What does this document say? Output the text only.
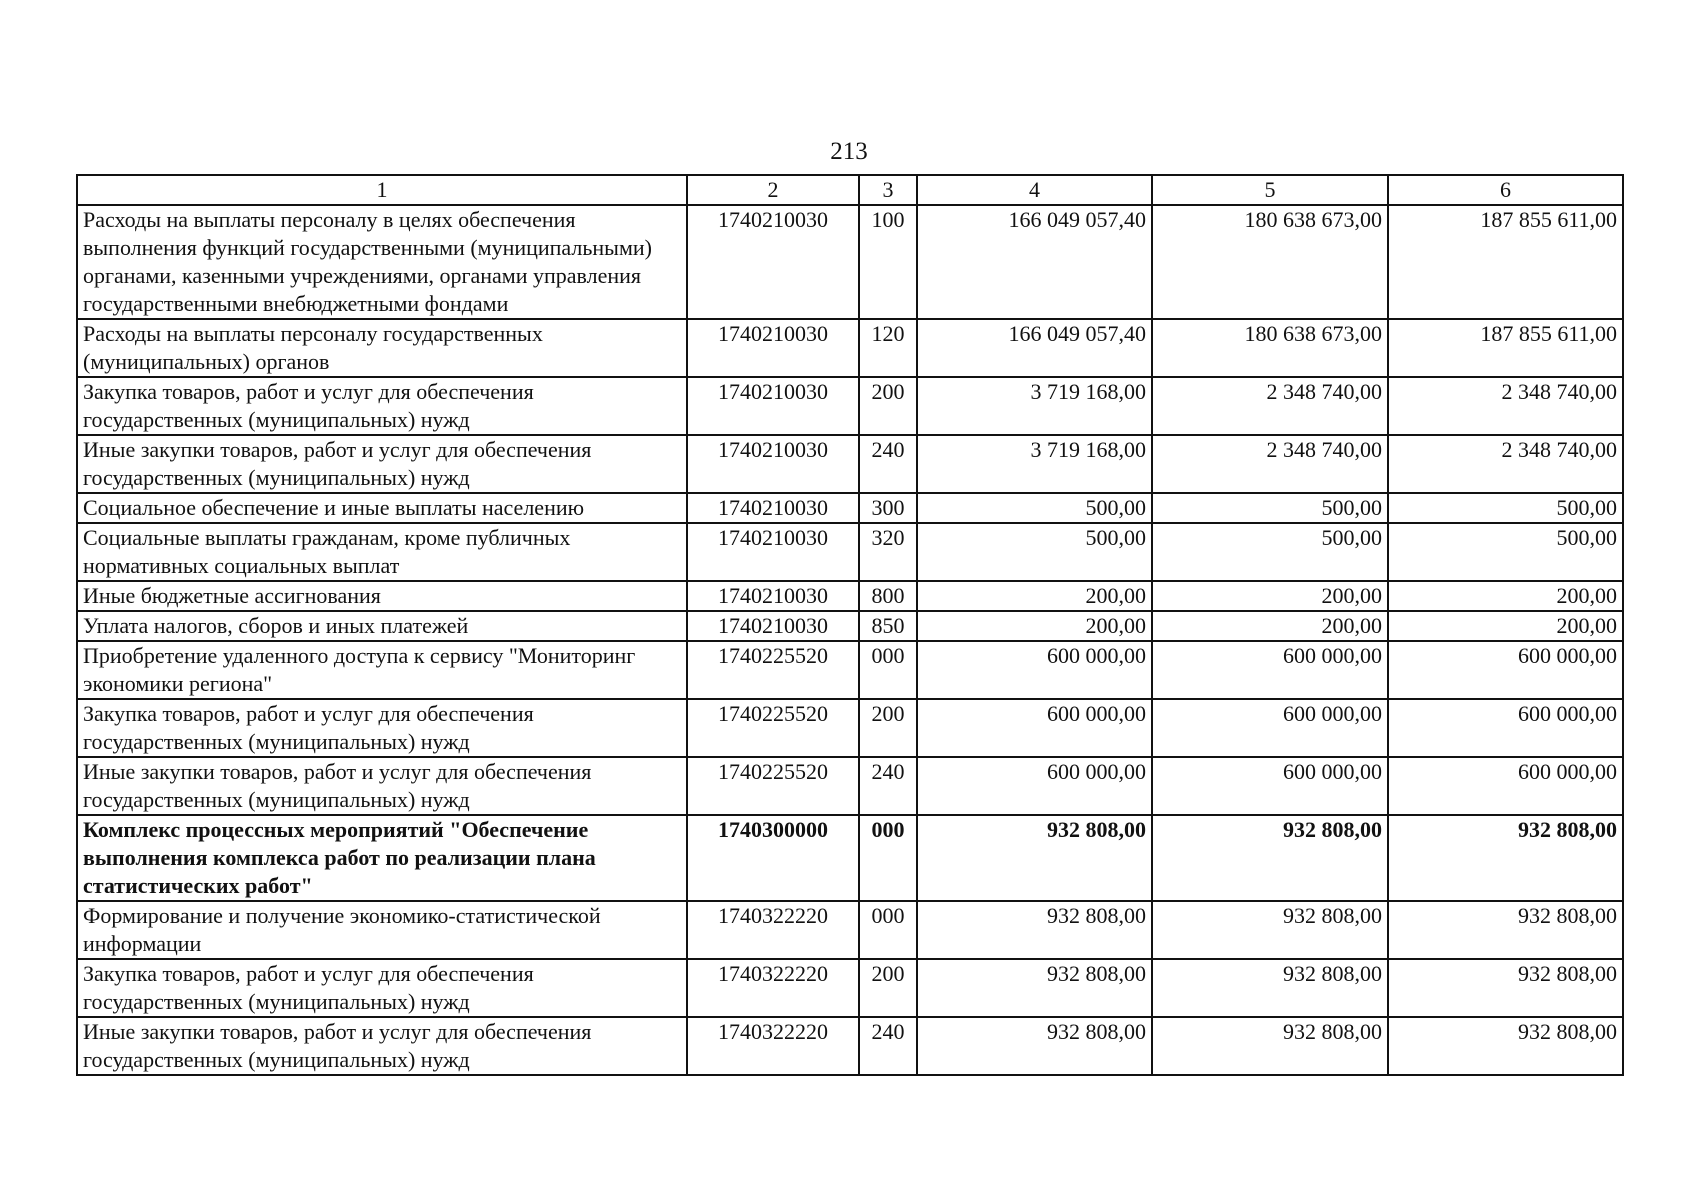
213
1	2	3	4	5	6
Расходы на выплаты персоналу в целях обеспечения выполнения функций государственными (муниципальными) органами, казенными учреждениями, органами управления государственными внебюджетными фондами	1740210030	100	166 049 057,40	180 638 673,00	187 855 611,00
Расходы на выплаты персоналу государственных (муниципальных) органов	1740210030	120	166 049 057,40	180 638 673,00	187 855 611,00
Закупка товаров, работ и услуг для обеспечения государственных (муниципальных) нужд	1740210030	200	3 719 168,00	2 348 740,00	2 348 740,00
Иные закупки товаров, работ и услуг для обеспечения государственных (муниципальных) нужд	1740210030	240	3 719 168,00	2 348 740,00	2 348 740,00
Социальное обеспечение и иные выплаты населению	1740210030	300	500,00	500,00	500,00
Социальные выплаты гражданам, кроме публичных нормативных социальных выплат	1740210030	320	500,00	500,00	500,00
Иные бюджетные ассигнования	1740210030	800	200,00	200,00	200,00
Уплата налогов, сборов и иных платежей	1740210030	850	200,00	200,00	200,00
Приобретение удаленного доступа к сервису "Мониторинг экономики региона"	1740225520	000	600 000,00	600 000,00	600 000,00
Закупка товаров, работ и услуг для обеспечения государственных (муниципальных) нужд	1740225520	200	600 000,00	600 000,00	600 000,00
Иные закупки товаров, работ и услуг для обеспечения государственных (муниципальных) нужд	1740225520	240	600 000,00	600 000,00	600 000,00
Комплекс процессных мероприятий "Обеспечение выполнения комплекса работ по реализации плана статистических работ"	1740300000	000	932 808,00	932 808,00	932 808,00
Формирование и получение экономико-статистической информации	1740322220	000	932 808,00	932 808,00	932 808,00
Закупка товаров, работ и услуг для обеспечения государственных (муниципальных) нужд	1740322220	200	932 808,00	932 808,00	932 808,00
Иные закупки товаров, работ и услуг для обеспечения государственных (муниципальных) нужд	1740322220	240	932 808,00	932 808,00	932 808,00
